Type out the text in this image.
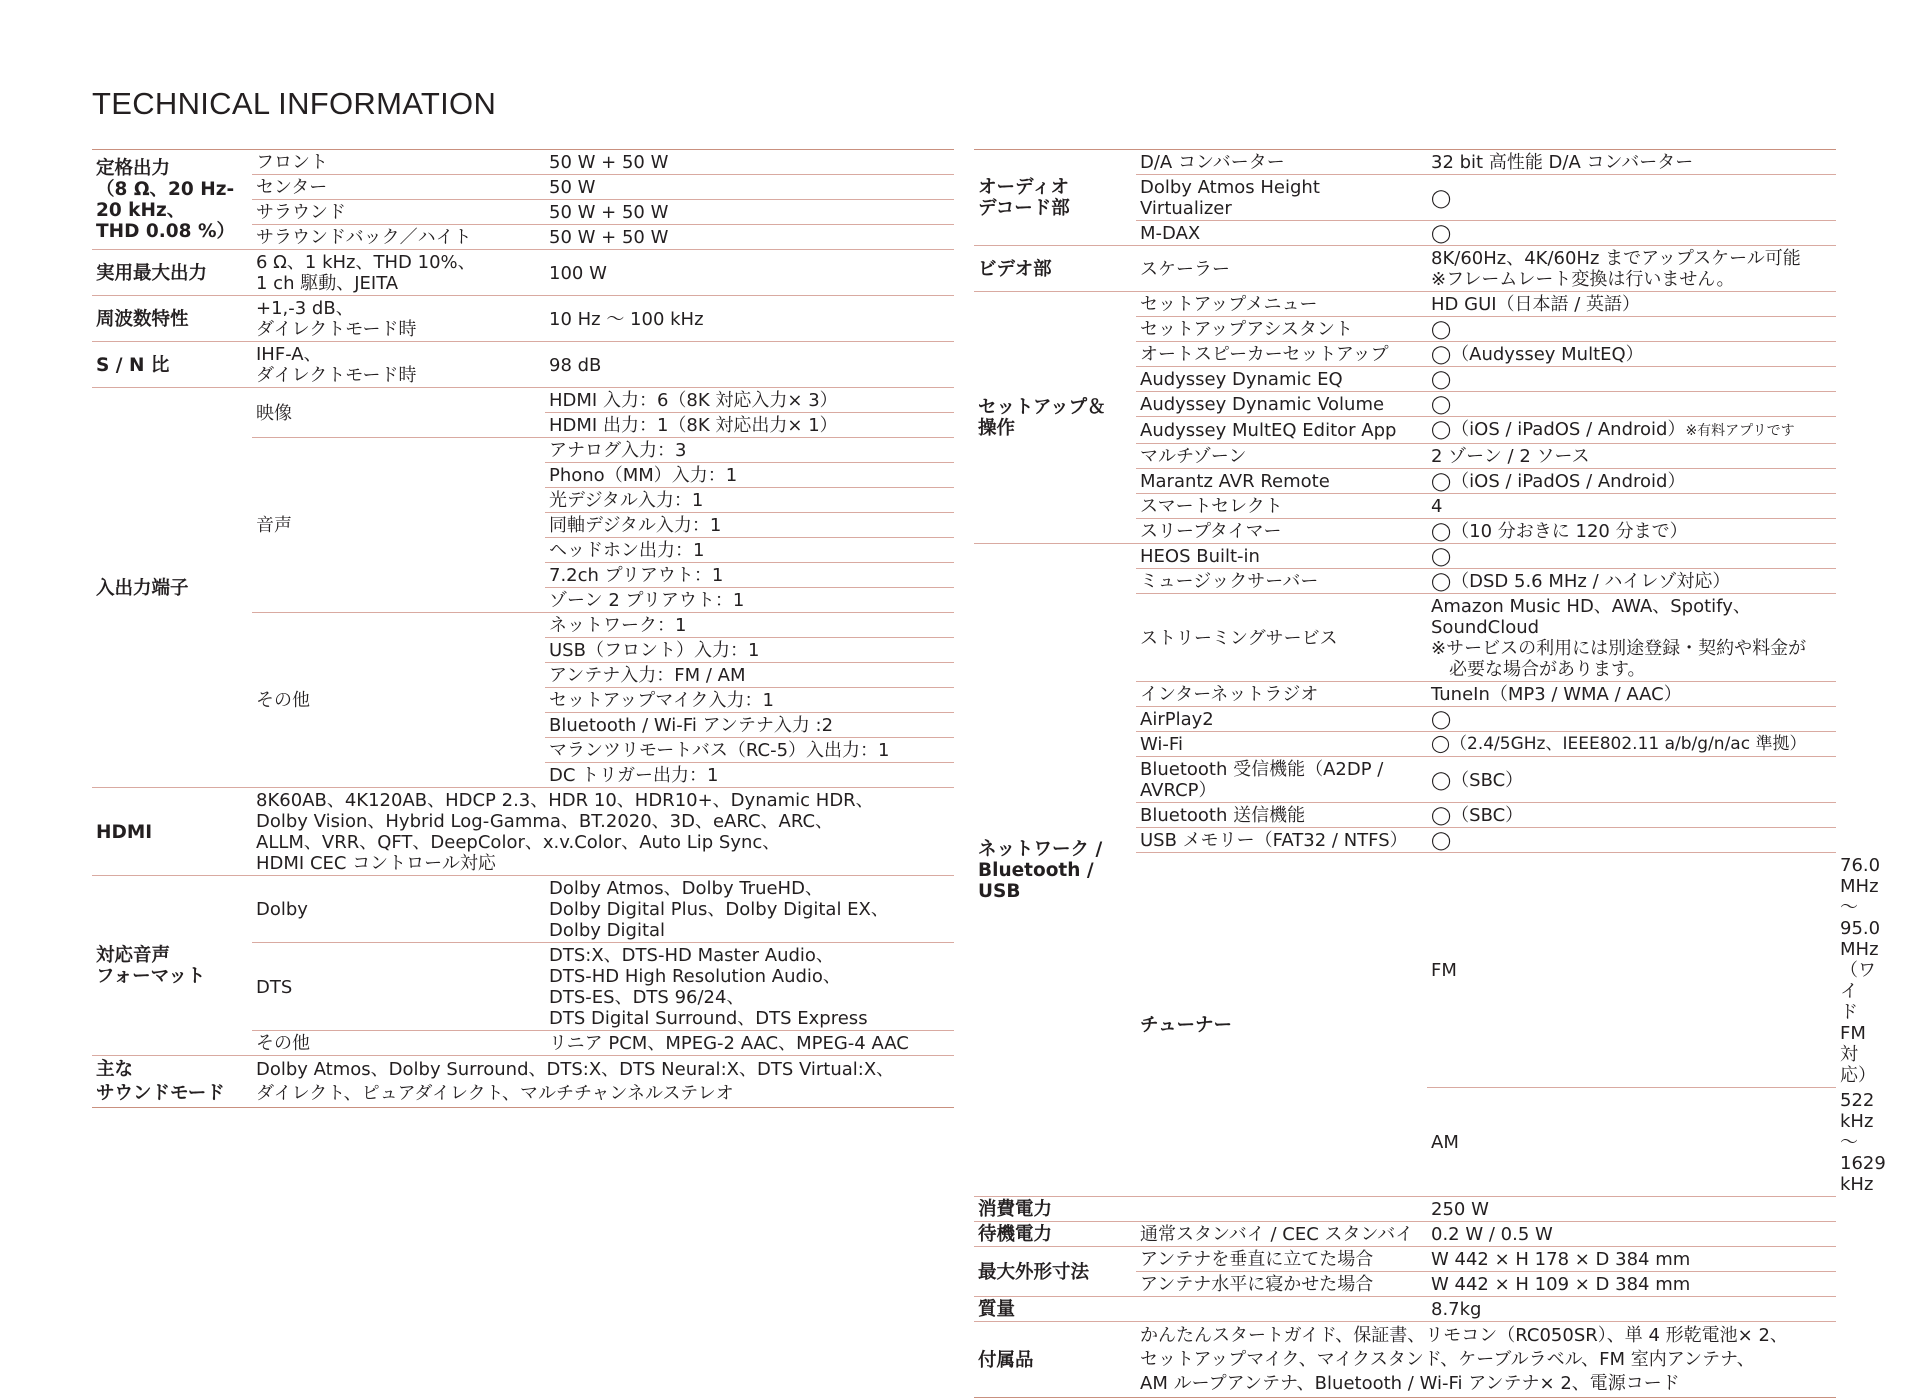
TECHNICAL INFORMATION
定格出力
（8 Ω、20 Hz-
20 kHz、
THD 0.08 %）	フロント	50 W + 50 W
	センター	50 W
	サラウンド	50 W + 50 W
	サラウンドバック／ハイト	50 W + 50 W
実用最大出力	6 Ω、1 kHz、THD 10%、
1 ch 駆動、JEITA	100 W
周波数特性	+1,-3 dB、
ダイレクトモード時	10 Hz ～ 100 kHz
S / N 比	IHF-A、
ダイレクトモード時	98 dB
入出力端子	映像	HDMI 入力：6（8K 対応入力× 3）
		HDMI 出力：1（8K 対応出力× 1）
	音声	アナログ入力：3
		Phono（MM）入力：1
		光デジタル入力：1
		同軸デジタル入力：1
		ヘッドホン出力：1
		7.2ch プリアウト：1
		ゾーン 2 プリアウト：1
	その他	ネットワーク：1
		USB（フロント）入力：1
		アンテナ入力：FM / AM
		セットアップマイク入力：1
		Bluetooth / Wi-Fi アンテナ入力 :2
		マランツリモートバス（RC-5）入出力：1
		DC トリガー出力：1
HDMI	8K60AB、4K120AB、HDCP 2.3、HDR 10、HDR10+、Dynamic HDR、
Dolby Vision、Hybrid Log-Gamma、BT.2020、3D、eARC、ARC、
ALLM、VRR、QFT、DeepColor、x.v.Color、Auto Lip Sync、
HDMI CEC コントロール対応	
対応音声
フォーマット	Dolby	Dolby Atmos、Dolby TrueHD、
Dolby Digital Plus、Dolby Digital EX、
Dolby Digital
	DTS	DTS:X、DTS-HD Master Audio、
DTS-HD High Resolution Audio、
DTS-ES、DTS 96/24、
DTS Digital Surround、DTS Express
	その他	リニア PCM、MPEG-2 AAC、MPEG-4 AAC
主な
サウンドモード	Dolby Atmos、Dolby Surround、DTS:X、DTS Neural:X、DTS Virtual:X、
ダイレクト、ピュアダイレクト、マルチチャンネルステレオ	
オーディオ
デコード部	D/A コンバーター	32 bit 高性能 D/A コンバーター	
	Dolby Atmos Height
Virtualizer	◯	
	M-DAX	◯	
ビデオ部	スケーラー	8K/60Hz、4K/60Hz までアップスケール可能
※フレームレート変換は行いません。	
セットアップ＆
操作	セットアップメニュー	HD GUI（日本語 / 英語）	
	セットアップアシスタント	◯	
	オートスピーカーセットアップ	◯（Audyssey MultEQ）	
	Audyssey Dynamic EQ	◯	
	Audyssey Dynamic Volume	◯	
	Audyssey MultEQ Editor App	◯（iOS / iPadOS / Android）※有料アプリです	
	マルチゾーン	2 ゾーン / 2 ソース	
	Marantz AVR Remote	◯（iOS / iPadOS / Android）	
	スマートセレクト	4	
	スリープタイマー	◯（10 分おきに 120 分まで）	
ネットワーク /
Bluetooth /
USB	HEOS Built-in	◯	
	ミュージックサーバー	◯（DSD 5.6 MHz / ハイレゾ対応）	
	ストリーミングサービス	Amazon Music HD、AWA、Spotify、
SoundCloud
※サービスの利用には別途登録・契約や料金が
　必要な場合があります。	
	インターネットラジオ	TuneIn（MP3 / WMA / AAC）	
	AirPlay2	◯	
	Wi-Fi	◯（2.4/5GHz、IEEE802.11 a/b/g/n/ac 準拠）	
	Bluetooth 受信機能（A2DP /
AVRCP）	◯（SBC）	
	Bluetooth 送信機能	◯（SBC）	
	USB メモリー（FAT32 / NTFS）	◯	
	チューナー	FM	76.0 MHz ～ 95.0 MHz（ワイド FM 対応）
		AM	522 kHz ～ 1629 kHz
消費電力		250 W	
待機電力	通常スタンバイ / CEC スタンバイ	0.2 W / 0.5 W	
最大外形寸法	アンテナを垂直に立てた場合	W 442 × H 178 × D 384 mm	
	アンテナ水平に寝かせた場合	W 442 × H 109 × D 384 mm	
質量		8.7kg	
付属品	かんたんスタートガイド、保証書、リモコン（RC050SR）、単 4 形乾電池× 2、
セットアップマイク、マイクスタンド、ケーブルラベル、FM 室内アンテナ、
AM ループアンテナ、Bluetooth / Wi-Fi アンテナ× 2、電源コード		
